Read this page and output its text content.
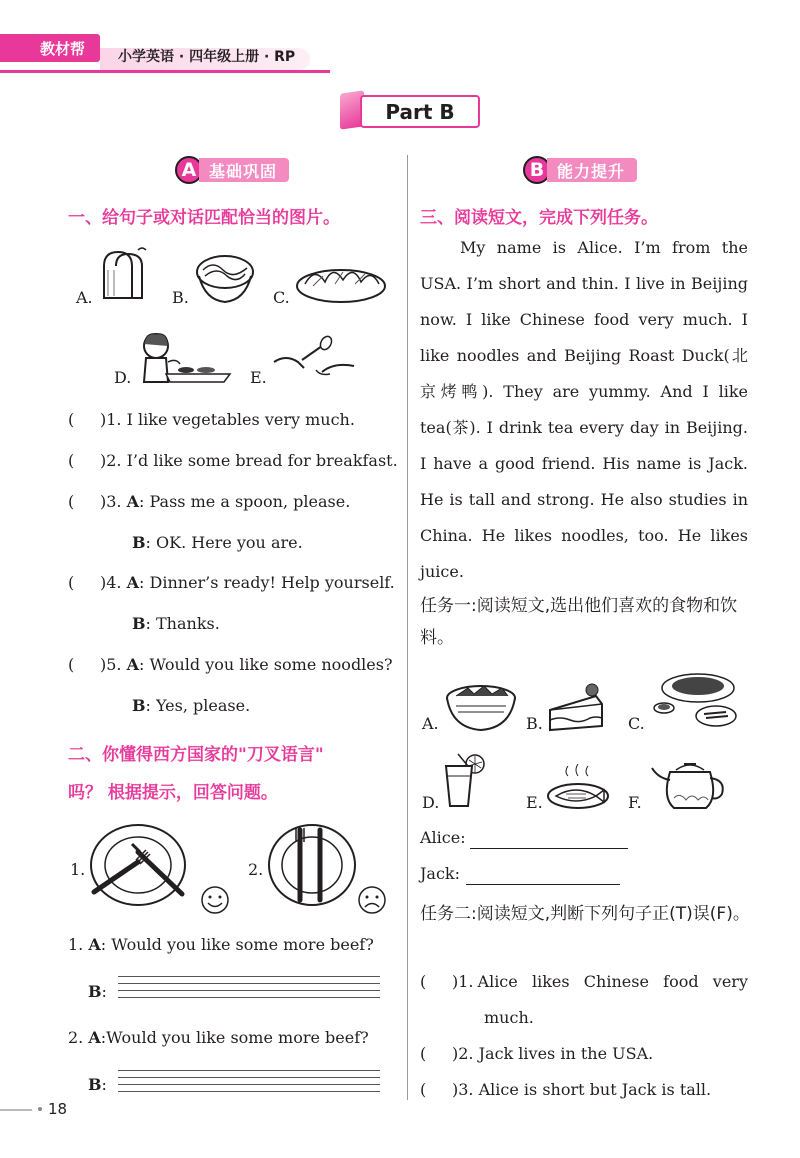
教材帮	小学英语 · 四年级上册 · RP
Part B
A 基础巩固	B 能力提升
一、给句子或对话匹配恰当的图片。
A.	B.	C.
D.	E.
( )1. I like vegetables very much.
( )2. I’d like some bread for breakfast.
( )3. A: Pass me a spoon, please.
B: OK. Here you are.
( )4. A: Dinner’s ready! Help yourself.
B: Thanks.
( )5. A: Would you like some noodles?
B: Yes, please.
二、你懂得西方国家的"刀叉语言"
吗？ 根据提示，回答问题。
1.	2.
1. A: Would you like some more beef?
B:
2. A:Would you like some more beef?
B:
三、阅读短文，完成下列任务。
My name is Alice. I’m from the USA. I’m short and thin. I live in Beijing now. I like Chinese food very much. I like noodles and Beijing Roast Duck(北京烤鸭). They are yummy. And I like tea(茶). I drink tea every day in Beijing. I have a good friend. His name is Jack. He is tall and strong. He also studies in China. He likes noodles, too. He likes juice.
任务一:阅读短文,选出他们喜欢的食物和饮料。
A.	B.	C.
D.	E.	F.
Alice:
Jack:
任务二:阅读短文,判断下列句子正(T)误(F)。
( )1. Alice likes Chinese food very
much.
( )2. Jack lives in the USA.
( )3. Alice is short but Jack is tall.
18
